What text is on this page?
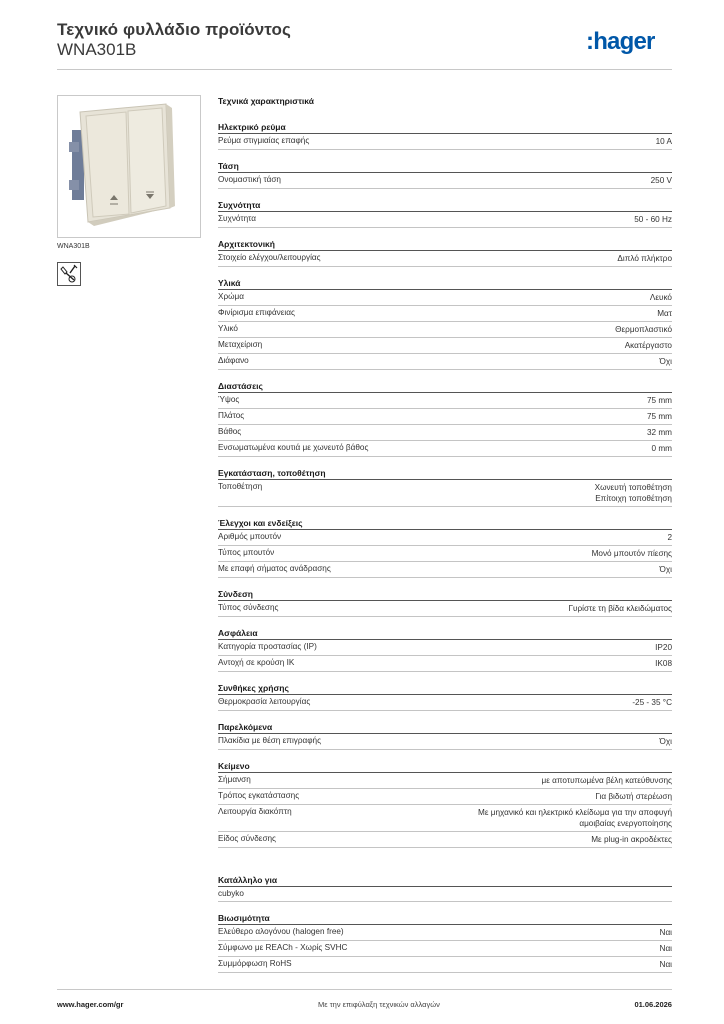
Τεχνικό φυλλάδιο προϊόντος
WNA301B	:hager
WNA301B
Τεχνικά χαρακτηριστικά
Ηλεκτρικό ρεύμα
Ρεύμα στιγμιαίας επαφής	10 A
Τάση
Ονομαστική τάση	250 V
Συχνότητα
Συχνότητα	50 - 60 Hz
Αρχιτεκτονική
Στοιχείο ελέγχου/λειτουργίας	Διπλό πλήκτρο
Υλικά
Χρώμα	Λευκό
Φινίρισμα επιφάνειας	Ματ
Υλικό	Θερμοπλαστικό
Μεταχείριση	Ακατέργαστο
Διάφανο	Όχι
Διαστάσεις
Ύψος	75 mm
Πλάτος	75 mm
Βάθος	32 mm
Ενσωματωμένα κουτιά με χωνευτό βάθος	0 mm
Εγκατάσταση, τοποθέτηση
Τοποθέτηση	Χωνευτή τοποθέτηση
Επίτοιχη τοποθέτηση
Έλεγχοι και ενδείξεις
Αριθμός μπουτόν	2
Τύπος μπουτόν	Μονό μπουτόν πίεσης
Με επαφή σήματος ανάδρασης	Όχι
Σύνδεση
Τύπος σύνδεσης	Γυρίστε τη βίδα κλειδώματος
Ασφάλεια
Κατηγορία προστασίας (IP)	IP20
Αντοχή σε κρούση IK	IK08
Συνθήκες χρήσης
Θερμοκρασία λειτουργίας	-25 - 35 °C
Παρελκόμενα
Πλακίδια με θέση επιγραφής	Όχι
Κείμενο
Σήμανση	με αποτυπωμένα βέλη κατεύθυνσης
Τρόπος εγκατάστασης	Για βιδωτή στερέωση
Λειτουργία διακόπτη	Με μηχανικό και ηλεκτρικό κλείδωμα για την αποφυγή
αμοιβαίας ενεργοποίησης
Είδος σύνδεσης	Με plug-in ακροδέκτες
Κατάλληλο για
cubyko
Βιωσιμότητα
Ελεύθερο αλογόνου (halogen free)	Ναι
Σύμφωνο με REACh - Χωρίς SVHC	Ναι
Συμμόρφωση RoHS	Ναι
www.hager.com/gr	Με την επιφύλαξη τεχνικών αλλαγών	01.06.2026
